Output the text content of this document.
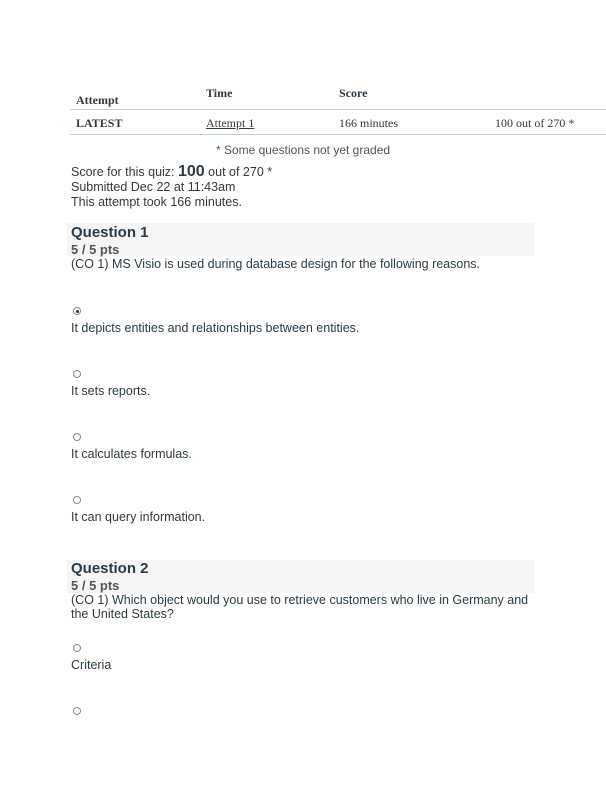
Attempt	Time	Score
LATEST	Attempt 1	166 minutes	100 out of 270 *
* Some questions not yet graded
Score for this quiz: 100 out of 270 *
Submitted Dec 22 at 11:43am
This attempt took 166 minutes.
Question 1
5 / 5 pts
(CO 1) MS Visio is used during database design for the following reasons.
It depicts entities and relationships between entities.
It sets reports.
It calculates formulas.
It can query information.
Question 2
5 / 5 pts
(CO 1) Which object would you use to retrieve customers who live in Germany and the United States?
Criteria
